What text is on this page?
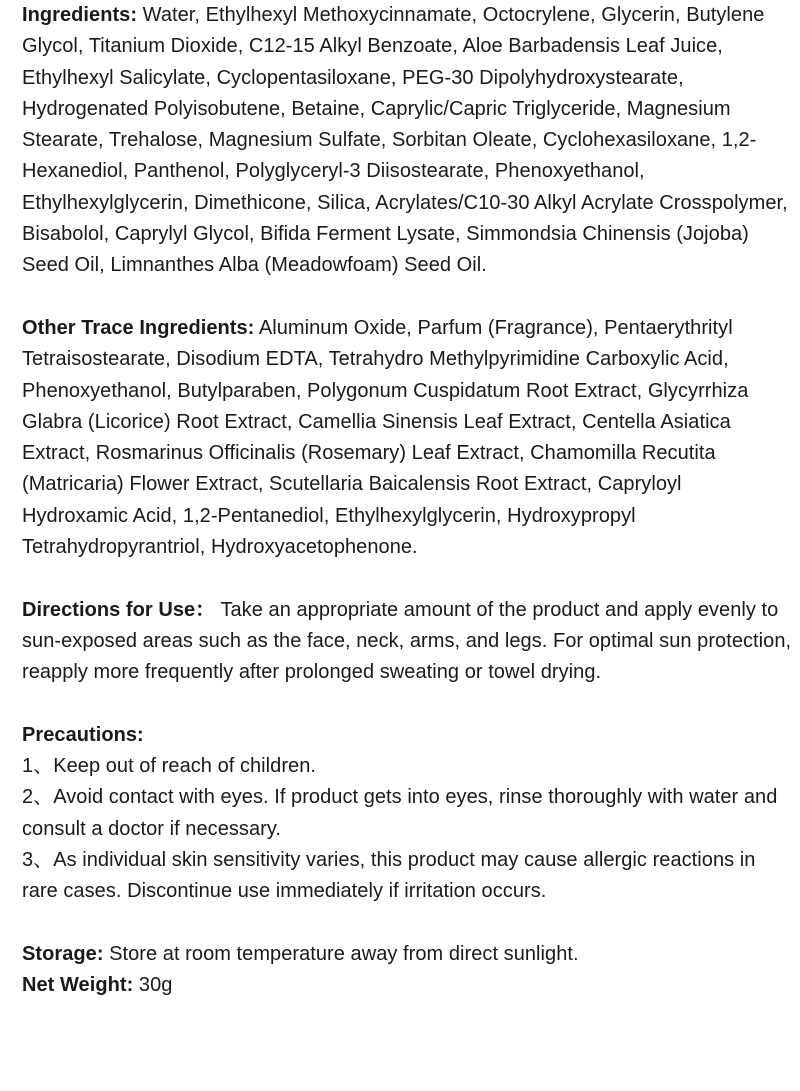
Ingredients: Water, Ethylhexyl Methoxycinnamate, Octocrylene, Glycerin, Butylene Glycol, Titanium Dioxide, C12-15 Alkyl Benzoate, Aloe Barbadensis Leaf Juice, Ethylhexyl Salicylate, Cyclopentasiloxane, PEG-30 Dipolyhydroxystearate, Hydrogenated Polyisobutene, Betaine, Caprylic/Capric Triglyceride, Magnesium Stearate, Trehalose, Magnesium Sulfate, Sorbitan Oleate, Cyclohexasiloxane, 1,2-Hexanediol, Panthenol, Polyglyceryl-3 Diisostearate, Phenoxyethanol, Ethylhexylglycerin, Dimethicone, Silica, Acrylates/C10-30 Alkyl Acrylate Crosspolymer, Bisabolol, Caprylyl Glycol, Bifida Ferment Lysate, Simmondsia Chinensis (Jojoba) Seed Oil, Limnanthes Alba (Meadowfoam) Seed Oil.

Other Trace Ingredients: Aluminum Oxide, Parfum (Fragrance), Pentaerythrityl Tetraisostearate, Disodium EDTA, Tetrahydro Methylpyrimidine Carboxylic Acid, Phenoxyethanol, Butylparaben, Polygonum Cuspidatum Root Extract, Glycyrrhiza Glabra (Licorice) Root Extract, Camellia Sinensis Leaf Extract, Centella Asiatica Extract, Rosmarinus Officinalis (Rosemary) Leaf Extract, Chamomilla Recutita (Matricaria) Flower Extract, Scutellaria Baicalensis Root Extract, Capryloyl Hydroxamic Acid, 1,2-Pentanediol, Ethylhexylglycerin, Hydroxypropyl Tetrahydropyrantriol, Hydroxyacetophenone.

Directions for Use： Take an appropriate amount of the product and apply evenly to sun-exposed areas such as the face, neck, arms, and legs. For optimal sun protection, reapply more frequently after prolonged sweating or towel drying.

Precautions:
1、Keep out of reach of children.
2、Avoid contact with eyes. If product gets into eyes, rinse thoroughly with water and consult a doctor if necessary.
3、As individual skin sensitivity varies, this product may cause allergic reactions in rare cases. Discontinue use immediately if irritation occurs.

Storage: Store at room temperature away from direct sunlight.

Net Weight: 30g
